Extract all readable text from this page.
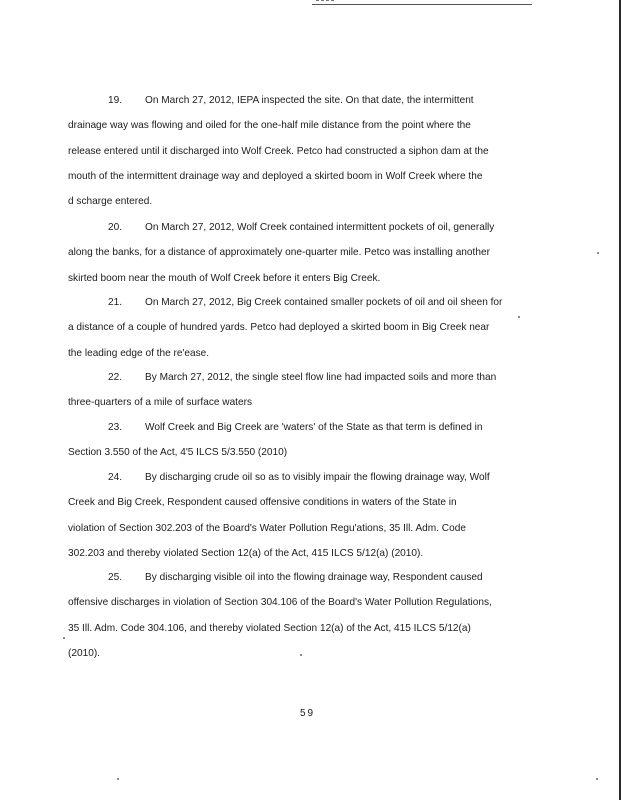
19. On March 27, 2012, IEPA inspected the site. On that date, the intermittent
drainage way was flowing and oiled for the one-half mile distance from the point where the
release entered until it discharged into Wolf Creek. Petco had constructed a siphon dam at the
mouth of the intermittent drainage way and deployed a skirted boom in Wolf Creek where the
d scharge entered.
20. On March 27, 2012, Wolf Creek contained intermittent pockets of oil, generally
along the banks, for a distance of approximately one-quarter mile. Petco was installing another
skirted boom near the mouth of Wolf Creek before it enters Big Creek.
21. On March 27, 2012, Big Creek contained smaller pockets of oil and oil sheen for
a distance of a couple of hundred yards. Petco had deployed a skirted boom in Big Creek near
the leading edge of the re'ease.
22. By March 27, 2012, the single steel flow line had impacted soils and more than
three-quarters of a mile of surface waters
23. Wolf Creek and Big Creek are 'waters' of the State as that term is defined in
Section 3.550 of the Act, 4'5 ILCS 5/3.550 (2010)
24. By discharging crude oil so as to visibly impair the flowing drainage way, Wolf
Creek and Big Creek, Respondent caused offensive conditions in waters of the State in
violation of Section 302.203 of the Board's Water Pollution Regu'ations, 35 Ill. Adm. Code
302.203 and thereby violated Section 12(a) of the Act, 415 ILCS 5/12(a) (2010).
25. By discharging visible oil into the flowing drainage way, Respondent caused
offensive discharges in violation of Section 304.106 of the Board's Water Pollution Regulations,
35 Ill. Adm. Code 304.106, and thereby violated Section 12(a) of the Act, 415 ILCS 5/12(a)
(2010).
59
